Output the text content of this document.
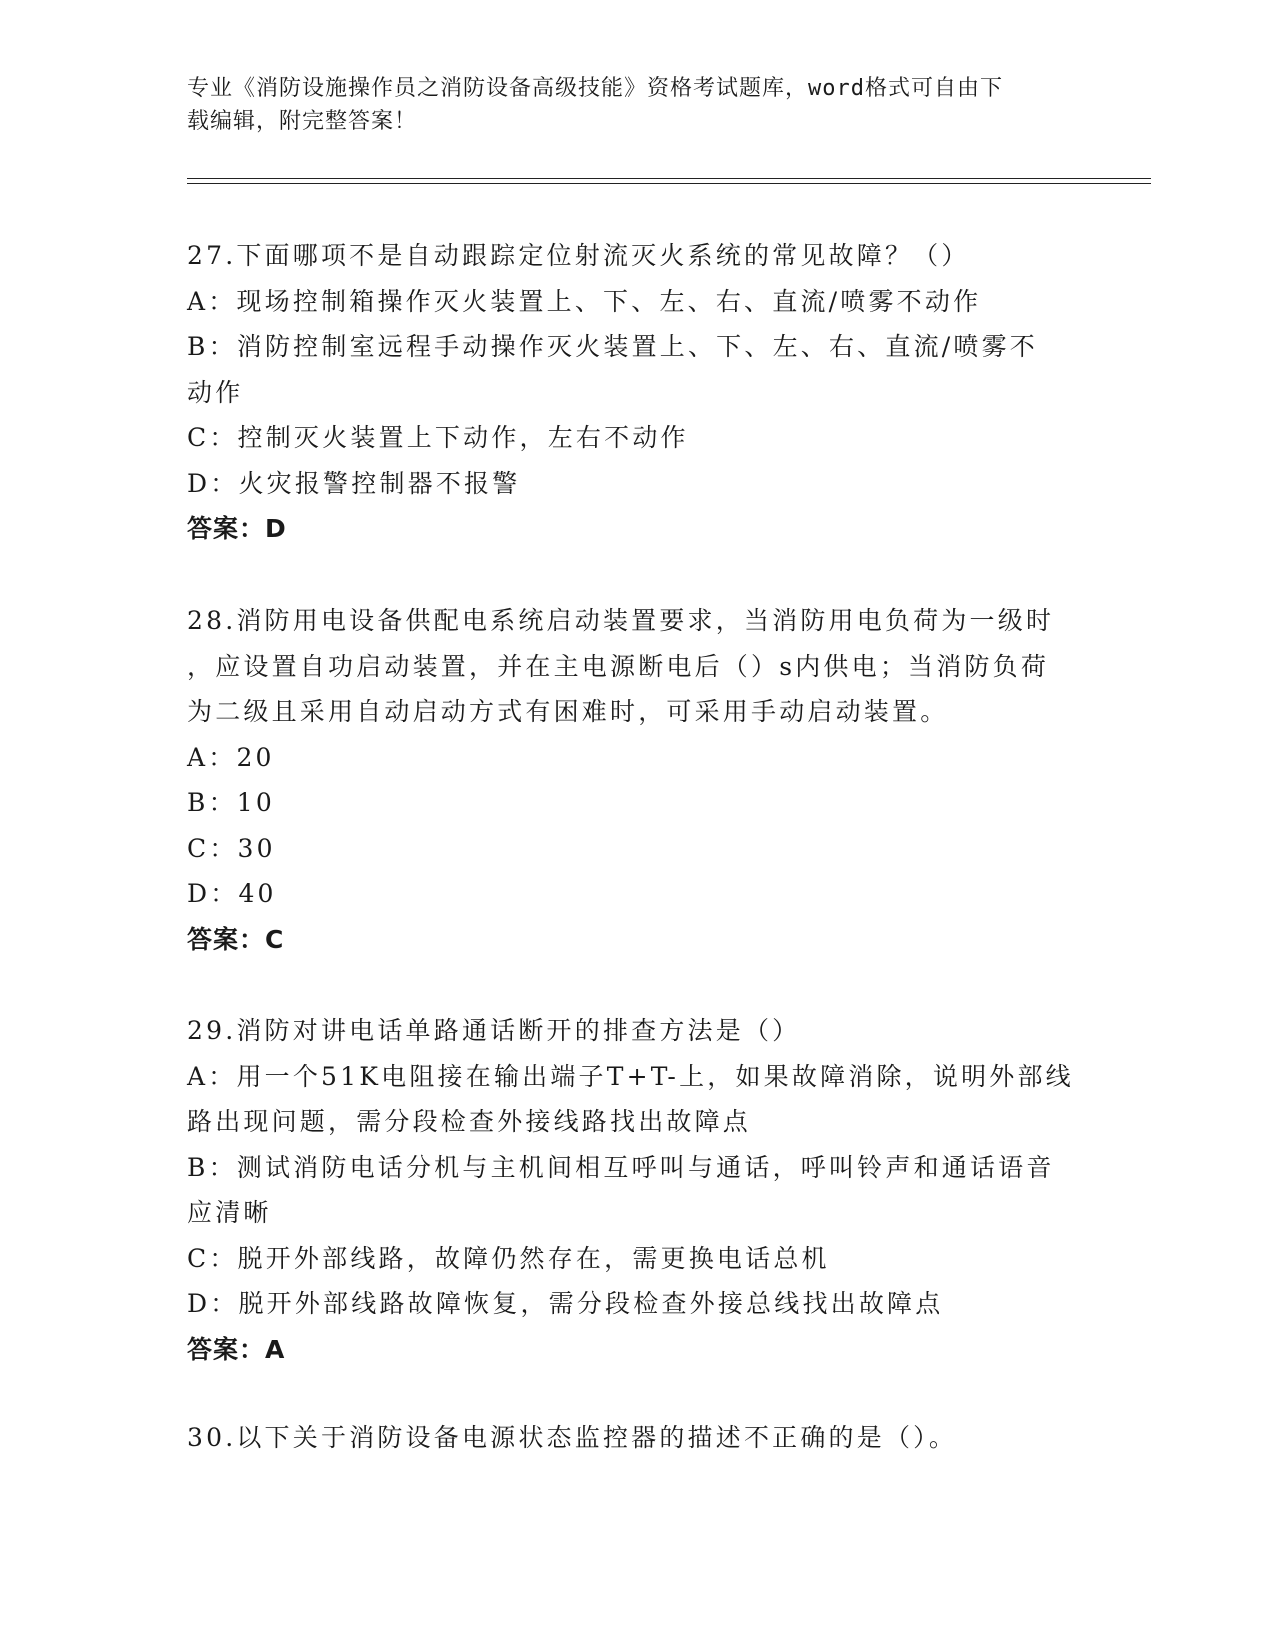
专业《消防设施操作员之消防设备高级技能》资格考试题库，word格式可自由下
载编辑，附完整答案！
27.下面哪项不是自动跟踪定位射流灭火系统的常见故障？（）
A：现场控制箱操作灭火装置上、下、左、右、直流/喷雾不动作
B：消防控制室远程手动操作灭火装置上、下、左、右、直流/喷雾不
动作
C：控制灭火装置上下动作，左右不动作
D：火灾报警控制器不报警
答案：D
28.消防用电设备供配电系统启动装置要求，当消防用电负荷为一级时
，应设置自功启动装置，并在主电源断电后（）s内供电；当消防负荷
为二级且采用自动启动方式有困难时，可采用手动启动装置。
A：20
B：10
C：30
D：40
答案：C
29.消防对讲电话单路通话断开的排查方法是（）
A：用一个51K电阻接在输出端子T+T-上，如果故障消除，说明外部线
路出现问题，需分段检查外接线路找出故障点
B：测试消防电话分机与主机间相互呼叫与通话，呼叫铃声和通话语音
应清晰
C：脱开外部线路，故障仍然存在，需更换电话总机
D：脱开外部线路故障恢复，需分段检查外接总线找出故障点
答案：A
30.以下关于消防设备电源状态监控器的描述不正确的是（）。
